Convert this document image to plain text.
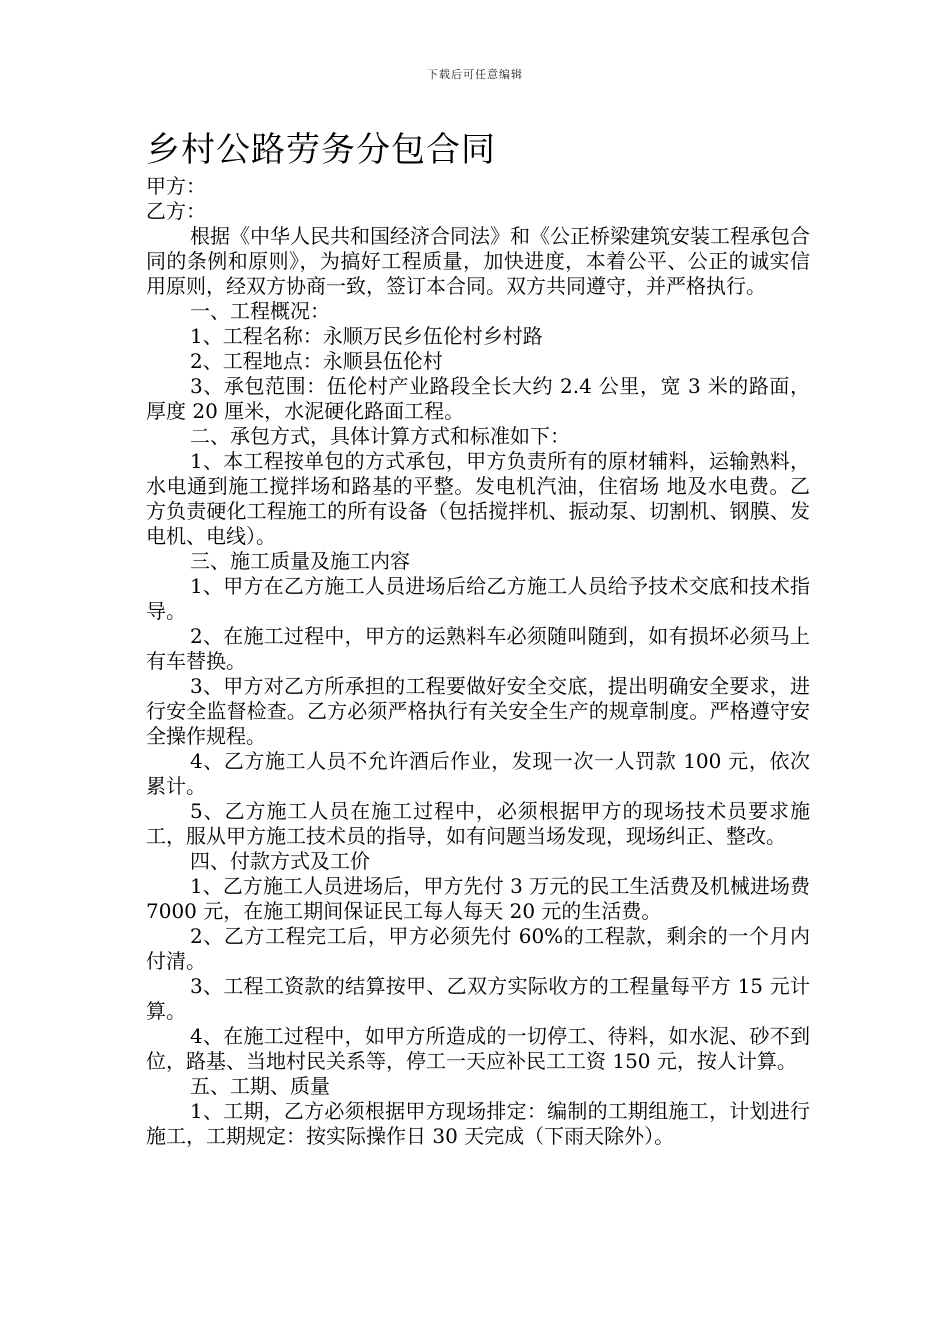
下载后可任意编辑
乡村公路劳务分包合同

甲方：

乙方：

根据《中华人民共和国经济合同法》和《公正桥梁建筑安装工程承包合同的条例和原则》，为搞好工程质量，加快进度，本着公平、公正的诚实信用原则，经双方协商一致，签订本合同。双方共同遵守，并严格执行。

一、工程概况：

1、工程名称：永顺万民乡伍伦村乡村路

2、工程地点：永顺县伍伦村

3、承包范围：伍伦村产业路段全长大约 2.4 公里，宽 3 米的路面，厚度 20 厘米，水泥硬化路面工程。

二、承包方式，具体计算方式和标准如下：

1、本工程按单包的方式承包，甲方负责所有的原材辅料，运输熟料，水电通到施工搅拌场和路基的平整。发电机汽油，住宿场 地及水电费。乙方负责硬化工程施工的所有设备（包括搅拌机、振动泵、切割机、钢膜、发电机、电线）。

三、施工质量及施工内容

1、甲方在乙方施工人员进场后给乙方施工人员给予技术交底和技术指导。

2、在施工过程中，甲方的运熟料车必须随叫随到，如有损坏必须马上有车替换。

3、甲方对乙方所承担的工程要做好安全交底，提出明确安全要求，进行安全监督检查。乙方必须严格执行有关安全生产的规章制度。严格遵守安全操作规程。

4、乙方施工人员不允许酒后作业，发现一次一人罚款 100 元，依次累计。

5、乙方施工人员在施工过程中，必须根据甲方的现场技术员要求施工，服从甲方施工技术员的指导，如有问题当场发现，现场纠正、整改。

四、付款方式及工价

1、乙方施工人员进场后，甲方先付 3 万元的民工生活费及机械进场费 7000 元，在施工期间保证民工每人每天 20 元的生活费。

2、乙方工程完工后，甲方必须先付 60%的工程款，剩余的一个月内付清。

3、工程工资款的结算按甲、乙双方实际收方的工程量每平方 15 元计算。

4、在施工过程中，如甲方所造成的一切停工、待料，如水泥、砂不到位，路基、当地村民关系等，停工一天应补民工工资 150 元，按人计算。

五、工期、质量

1、工期，乙方必须根据甲方现场排定：编制的工期组施工，计划进行施工，工期规定：按实际操作日 30 天完成（下雨天除外）。
